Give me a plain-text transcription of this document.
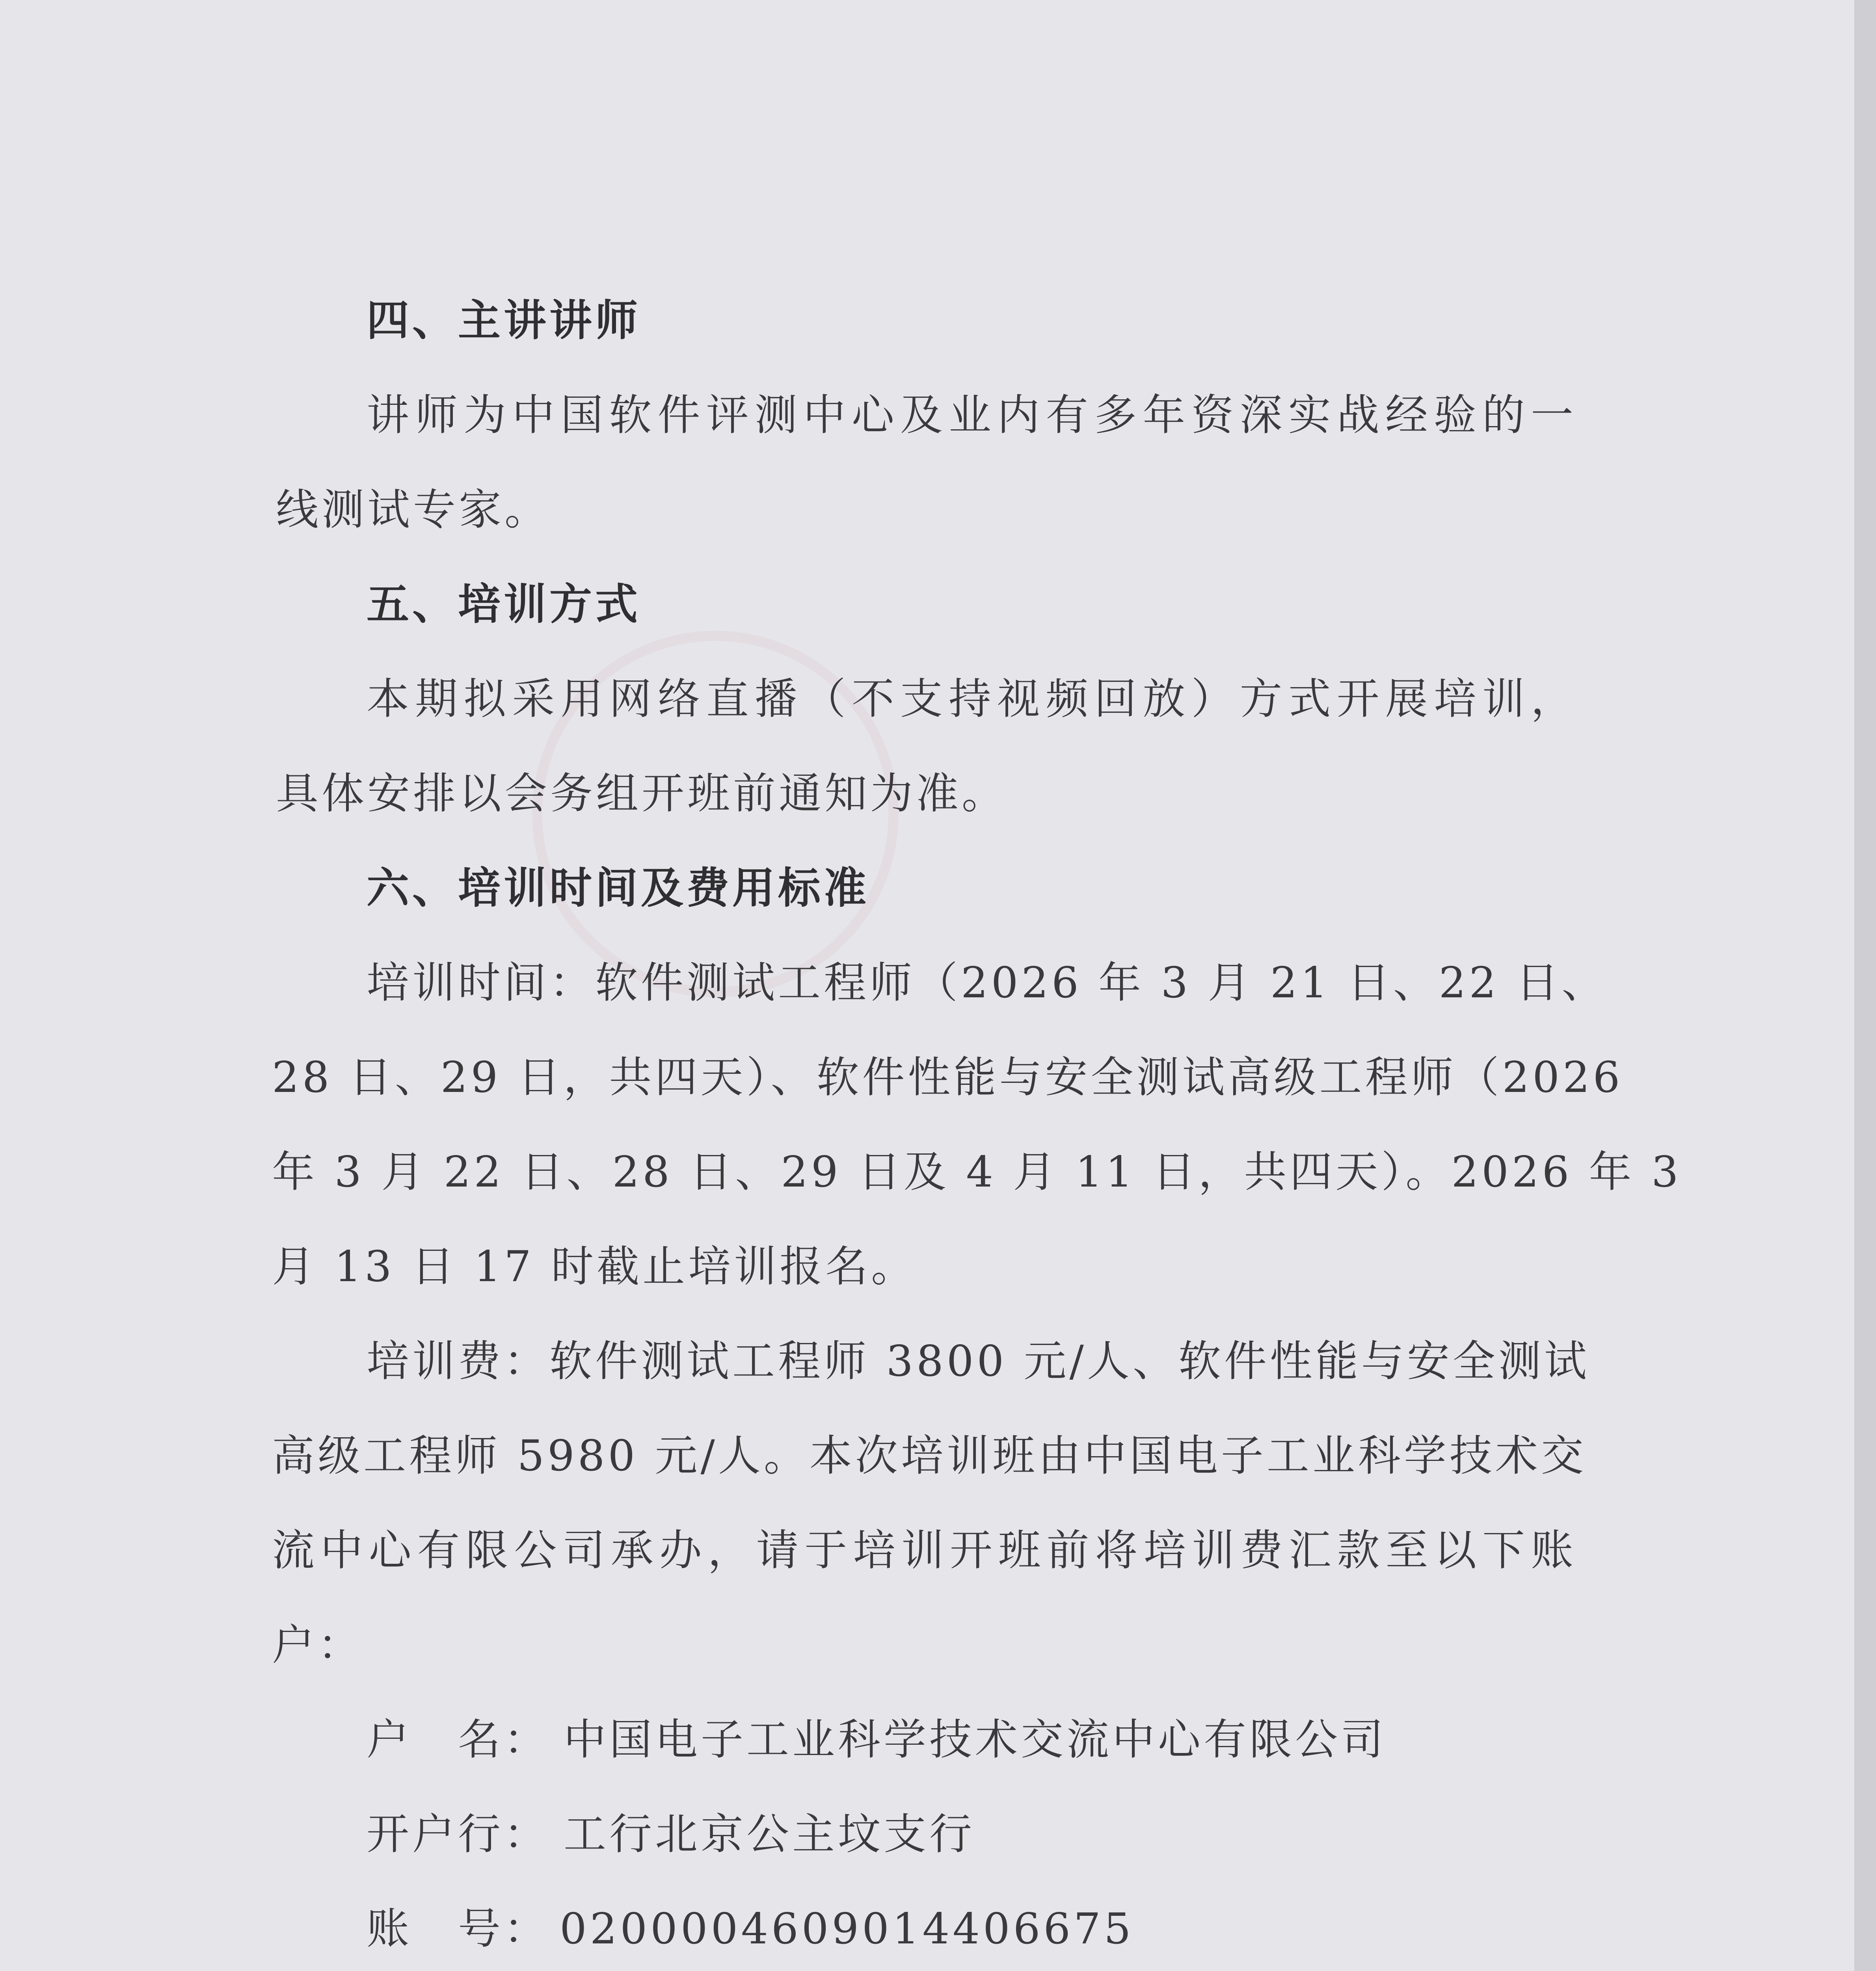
四、主讲讲师
讲师为中国软件评测中心及业内有多年资深实战经验的一
线测试专家。
五、培训方式
本期拟采用网络直播（不支持视频回放）方式开展培训，
具体安排以会务组开班前通知为准。
六、培训时间及费用标准
培训时间：软件测试工程师（2026 年 3 月 21 日、22 日、
28 日、29 日，共四天）、软件性能与安全测试高级工程师（2026
年 3 月 22 日、28 日、29 日及 4 月 11 日，共四天）。2026 年 3
月 13 日 17 时截止培训报名。
培训费：软件测试工程师 3800 元/人、软件性能与安全测试
高级工程师 5980 元/人。本次培训班由中国电子工业科学技术交
流中心有限公司承办，请于培训开班前将培训费汇款至以下账
户：
户　名： 中国电子工业科学技术交流中心有限公司
开户行： 工行北京公主坟支行
账　号： 0200004609014406675
